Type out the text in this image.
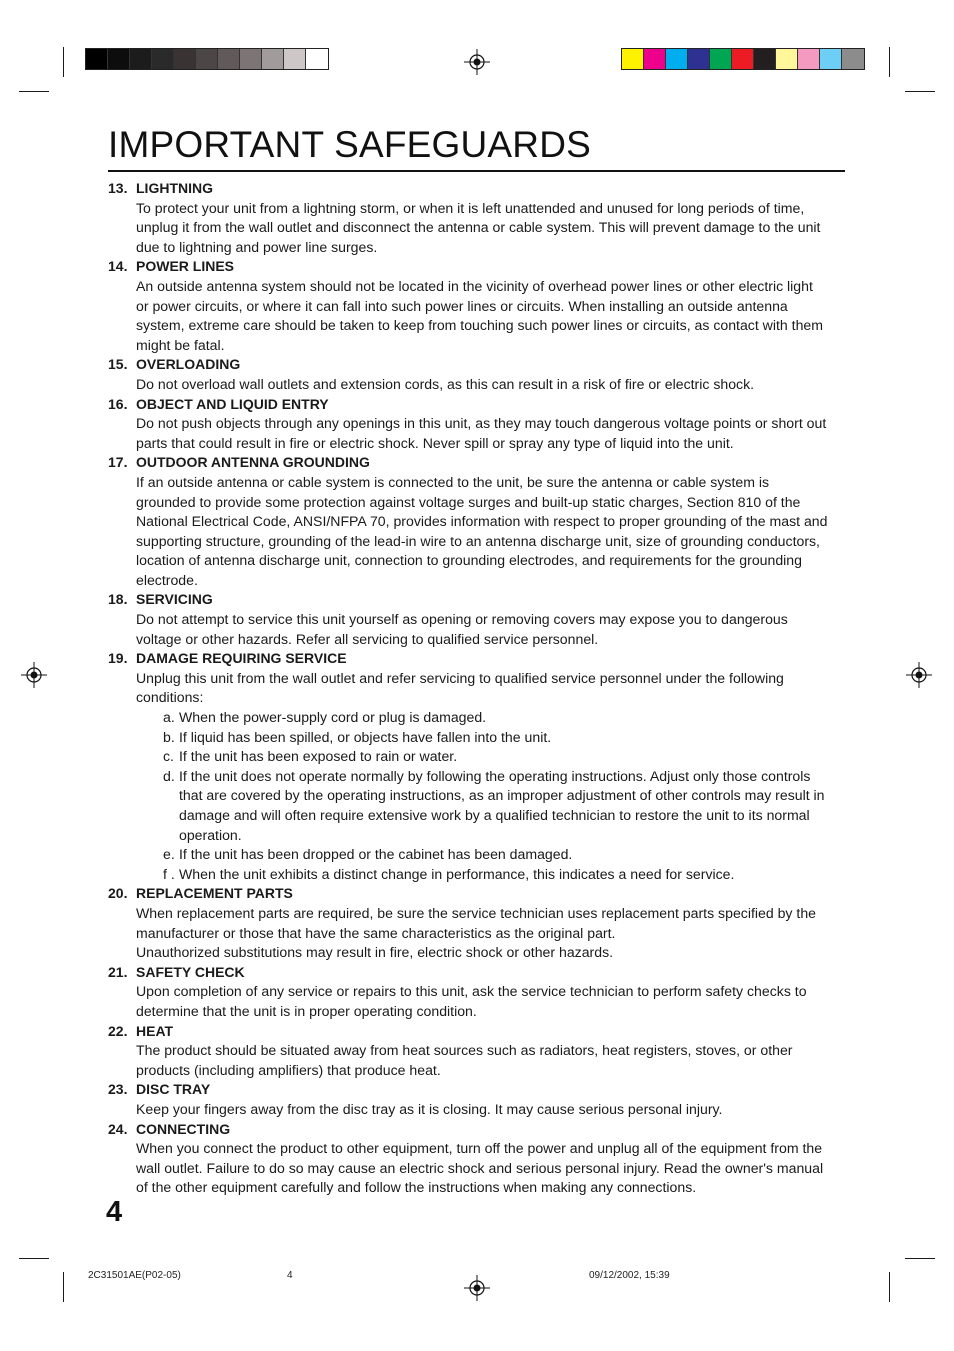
IMPORTANT SAFEGUARDS
13. LIGHTNING
To protect your unit from a lightning storm, or when it is left unattended and unused for long periods of time, unplug it from the wall outlet and disconnect the antenna or cable system. This will prevent damage to the unit due to lightning and power line surges.
14. POWER LINES
An outside antenna system should not be located in the vicinity of overhead power lines or other electric light or power circuits, or where it can fall into such power lines or circuits. When installing an outside antenna system, extreme care should be taken to keep from touching such power lines or circuits, as contact with them might be fatal.
15. OVERLOADING
Do not overload wall outlets and extension cords, as this can result in a risk of fire or electric shock.
16. OBJECT AND LIQUID ENTRY
Do not push objects through any openings in this unit, as they may touch dangerous voltage points or short out parts that could result in fire or electric shock. Never spill or spray any type of liquid into the unit.
17. OUTDOOR ANTENNA GROUNDING
If an outside antenna or cable system is connected to the unit, be sure the antenna or cable system is grounded to provide some protection against voltage surges and built-up static charges, Section 810 of the National Electrical Code, ANSI/NFPA 70, provides information with respect to proper grounding of the mast and supporting structure, grounding of the lead-in wire to an antenna discharge unit, size of grounding conductors, location of antenna discharge unit, connection to grounding electrodes, and requirements for the grounding electrode.
18. SERVICING
Do not attempt to service this unit yourself as opening or removing covers may expose you to dangerous voltage or other hazards. Refer all servicing to qualified service personnel.
19. DAMAGE REQUIRING SERVICE
Unplug this unit from the wall outlet and refer servicing to qualified service personnel under the following conditions:
a. When the power-supply cord or plug is damaged.
b. If liquid has been spilled, or objects have fallen into the unit.
c. If the unit has been exposed to rain or water.
d. If the unit does not operate normally by following the operating instructions. Adjust only those controls that are covered by the operating instructions, as an improper adjustment of other controls may result in damage and will often require extensive work by a qualified technician to restore the unit to its normal operation.
e. If the unit has been dropped or the cabinet has been damaged.
f . When the unit exhibits a distinct change in performance, this indicates a need for service.
20. REPLACEMENT PARTS
When replacement parts are required, be sure the service technician uses replacement parts specified by the manufacturer or those that have the same characteristics as the original part.
Unauthorized substitutions may result in fire, electric shock or other hazards.
21. SAFETY CHECK
Upon completion of any service or repairs to this unit, ask the service technician to perform safety checks to determine that the unit is in proper operating condition.
22. HEAT
The product should be situated away from heat sources such as radiators, heat registers, stoves, or other products (including amplifiers) that produce heat.
23. DISC TRAY
Keep your fingers away from the disc tray as it is closing. It may cause serious personal injury.
24. CONNECTING
When you connect the product to other equipment, turn off the power and unplug all of the equipment from the wall outlet. Failure to do so may cause an electric shock and serious personal injury. Read the owner's manual of the other equipment carefully and follow the instructions when making any connections.
4
2C31501AE(P02-05)	4	09/12/2002, 15:39
